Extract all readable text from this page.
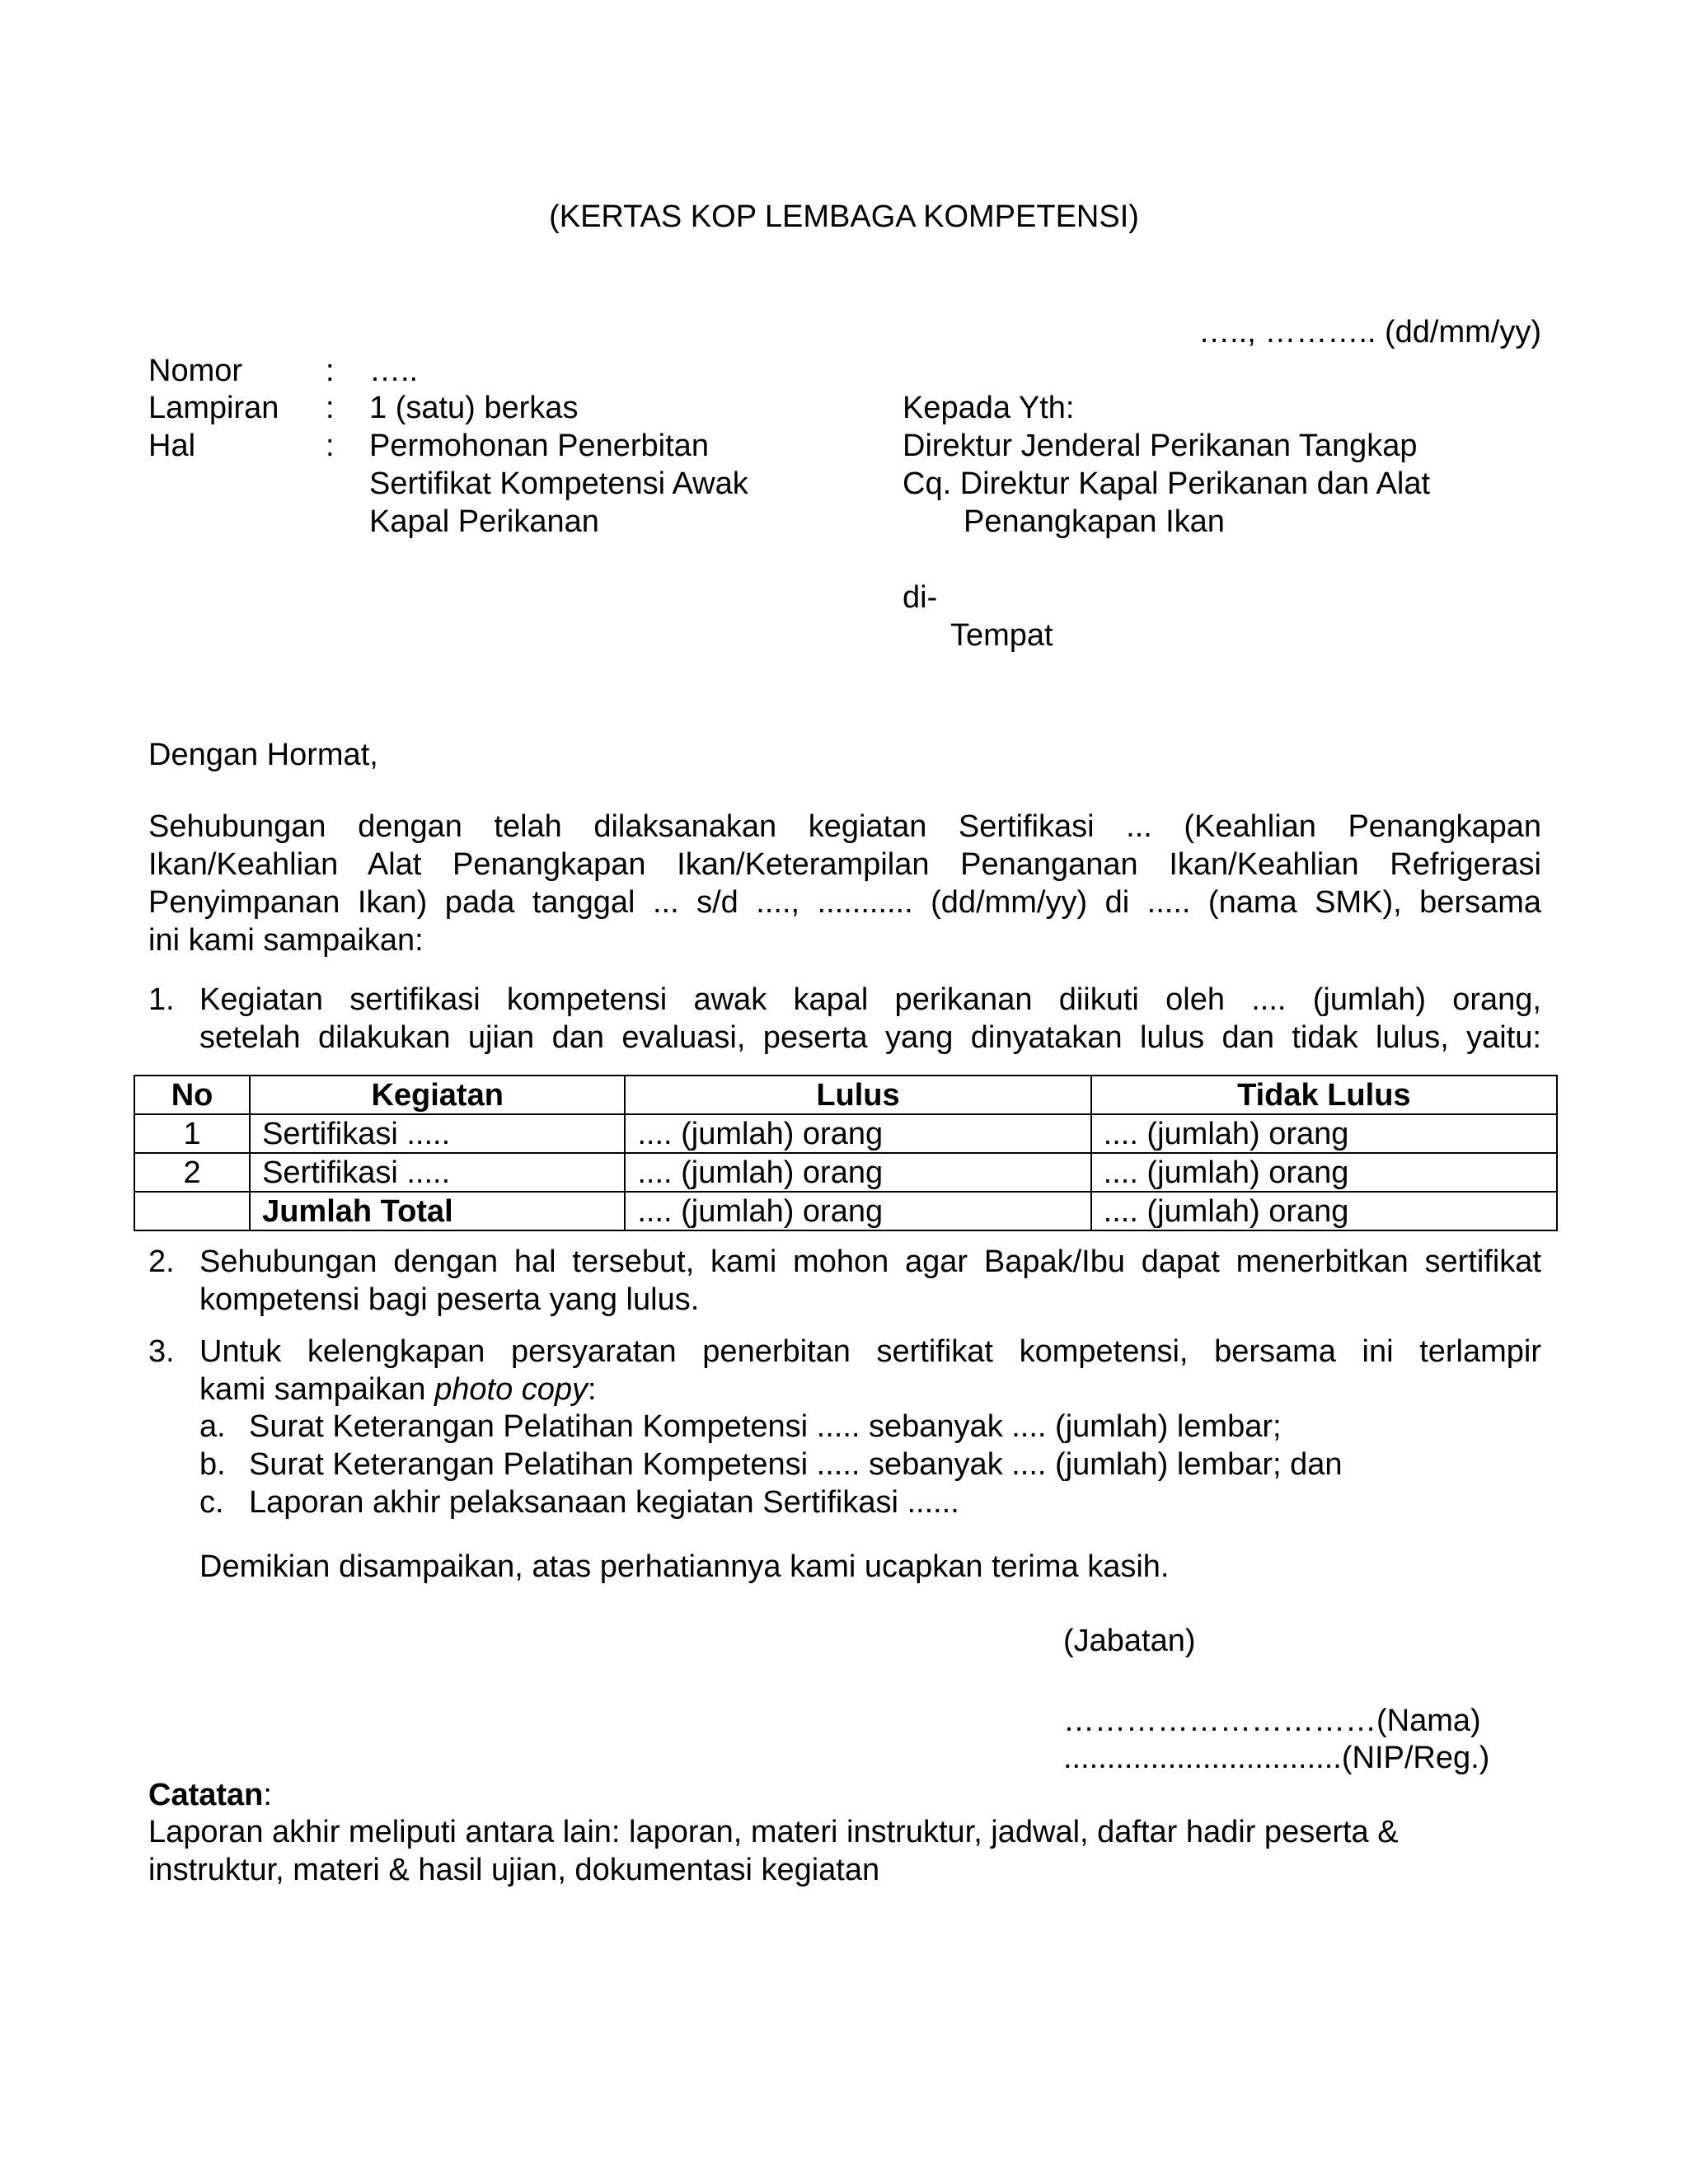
(KERTAS KOP LEMBAGA KOMPETENSI)
….., ……….. (dd/mm/yy)
Nomor	: …..
Lampiran	: 1 (satu) berkas
Hal	: Permohonan Penerbitan
Sertifikat Kompetensi Awak
Kapal Perikanan
Kepada Yth:
Direktur Jenderal Perikanan Tangkap
Cq. Direktur Kapal Perikanan dan Alat
Penangkapan Ikan
di-
Tempat
Dengan Hormat,
Sehubungan dengan telah dilaksanakan kegiatan Sertifikasi ... (Keahlian Penangkapan
Ikan/Keahlian Alat Penangkapan Ikan/Keterampilan Penanganan Ikan/Keahlian Refrigerasi
Penyimpanan Ikan) pada tanggal ... s/d ...., ........... (dd/mm/yy) di ..... (nama SMK), bersama
ini kami sampaikan:
1. Kegiatan sertifikasi kompetensi awak kapal perikanan diikuti oleh .... (jumlah) orang,
setelah dilakukan ujian dan evaluasi, peserta yang dinyatakan lulus dan tidak lulus, yaitu:
No	Kegiatan	Lulus	Tidak Lulus
1	Sertifikasi .....	.... (jumlah) orang	.... (jumlah) orang
2	Sertifikasi .....	.... (jumlah) orang	.... (jumlah) orang
	Jumlah Total	.... (jumlah) orang	.... (jumlah) orang
2. Sehubungan dengan hal tersebut, kami mohon agar Bapak/Ibu dapat menerbitkan sertifikat
kompetensi bagi peserta yang lulus.
3. Untuk kelengkapan persyaratan penerbitan sertifikat kompetensi, bersama ini terlampir
kami sampaikan photo copy:
a. Surat Keterangan Pelatihan Kompetensi ..... sebanyak .... (jumlah) lembar;
b. Surat Keterangan Pelatihan Kompetensi ..... sebanyak .... (jumlah) lembar; dan
c. Laporan akhir pelaksanaan kegiatan Sertifikasi ......
Demikian disampaikan, atas perhatiannya kami ucapkan terima kasih.
(Jabatan)
…………………………(Nama)
................................(NIP/Reg.)
Catatan:
Laporan akhir meliputi antara lain: laporan, materi instruktur, jadwal, daftar hadir peserta &
instruktur, materi & hasil ujian, dokumentasi kegiatan
